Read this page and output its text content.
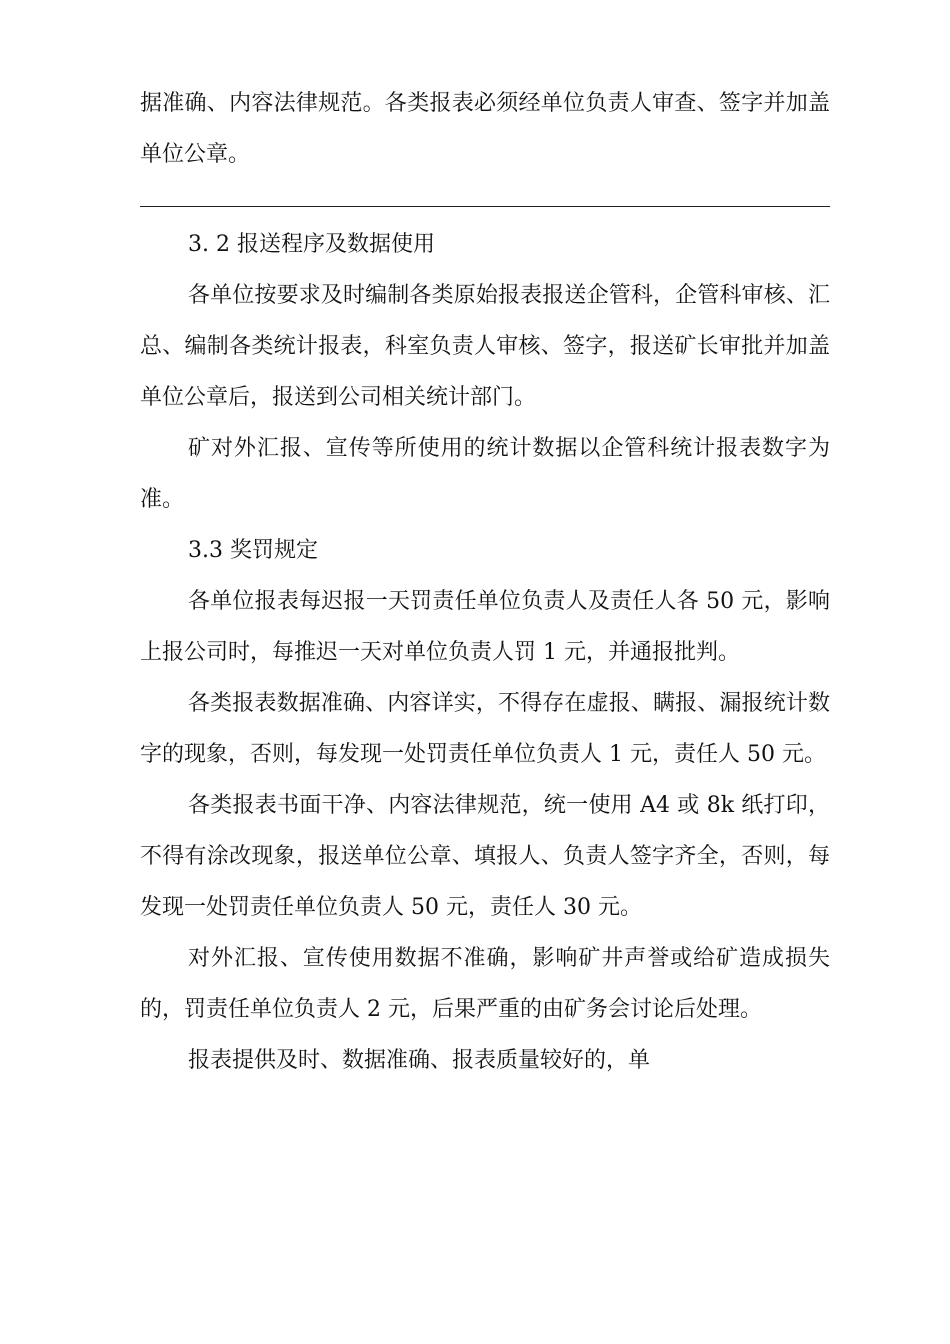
据准确、内容法律规范。各类报表必须经单位负责人审查、签字并加盖单位公章。

3. 2 报送程序及数据使用

各单位按要求及时编制各类原始报表报送企管科，企管科审核、汇总、编制各类统计报表，科室负责人审核、签字，报送矿长审批并加盖单位公章后，报送到公司相关统计部门。

矿对外汇报、宣传等所使用的统计数据以企管科统计报表数字为准。

3.3 奖罚规定

各单位报表每迟报一天罚责任单位负责人及责任人各 50 元，影响上报公司时，每推迟一天对单位负责人罚 1 元，并通报批判。

各类报表数据准确、内容详实，不得存在虚报、瞒报、漏报统计数字的现象，否则，每发现一处罚责任单位负责人 1 元，责任人 50 元。

各类报表书面干净、内容法律规范，统一使用 A4 或 8k 纸打印，不得有涂改现象，报送单位公章、填报人、负责人签字齐全，否则，每发现一处罚责任单位负责人 50 元，责任人 30 元。

对外汇报、宣传使用数据不准确，影响矿井声誉或给矿造成损失的，罚责任单位负责人 2 元，后果严重的由矿务会讨论后处理。

报表提供及时、数据准确、报表质量较好的，单
